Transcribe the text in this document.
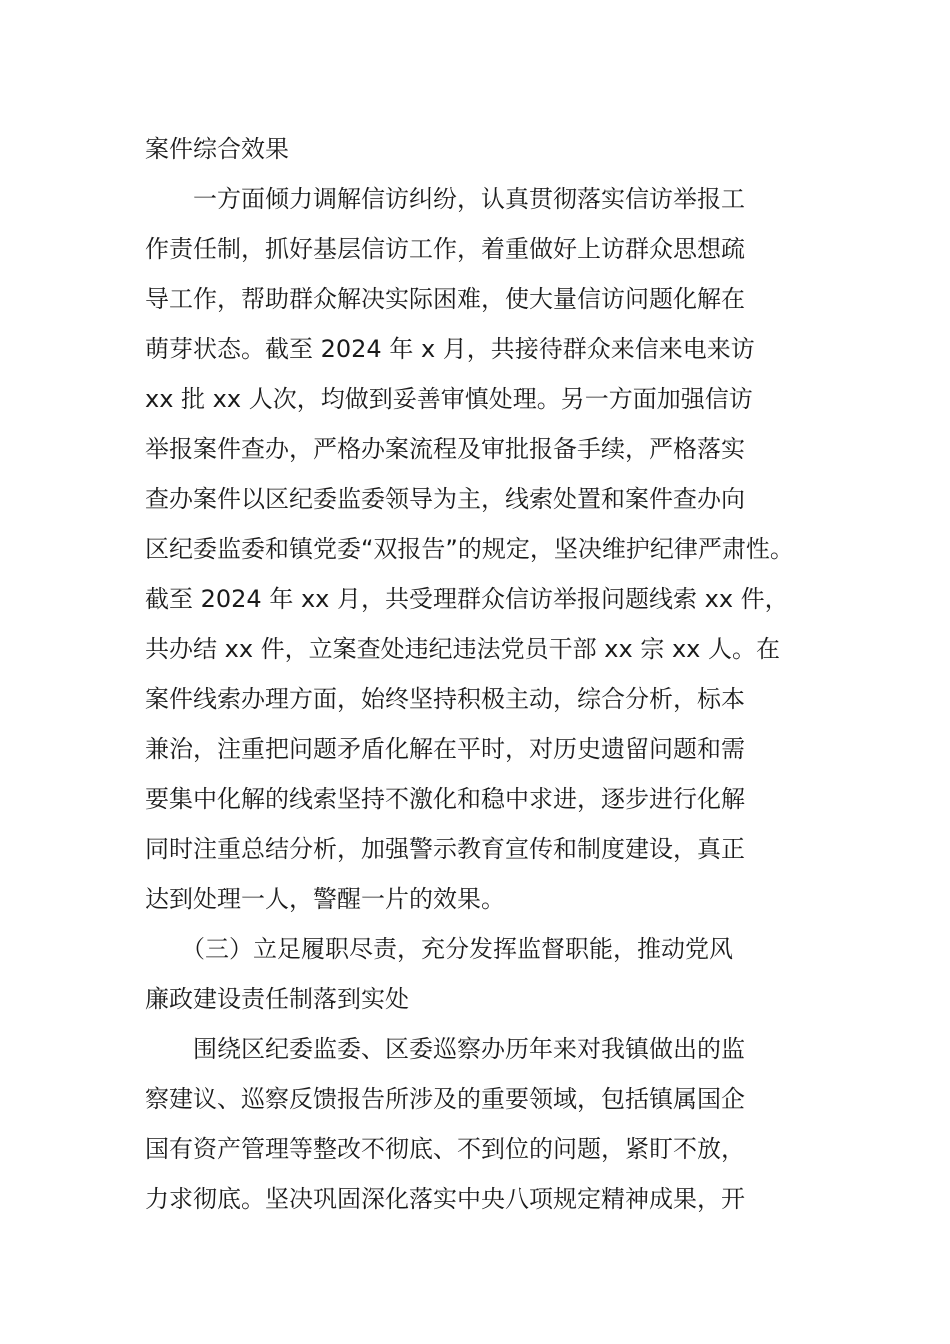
案件综合效果
　　一方面倾力调解信访纠纷，认真贯彻落实信访举报工
作责任制，抓好基层信访工作，着重做好上访群众思想疏
导工作，帮助群众解决实际困难，使大量信访问题化解在
萌芽状态。截至 2024 年 x 月，共接待群众来信来电来访
xx 批 xx 人次，均做到妥善审慎处理。另一方面加强信访
举报案件查办，严格办案流程及审批报备手续，严格落实
查办案件以区纪委监委领导为主，线索处置和案件查办向
区纪委监委和镇党委“双报告”的规定，坚决维护纪律严肃性。
截至 2024 年 xx 月，共受理群众信访举报问题线索 xx 件，
共办结 xx 件，立案查处违纪违法党员干部 xx 宗 xx 人。在
案件线索办理方面，始终坚持积极主动，综合分析，标本
兼治，注重把问题矛盾化解在平时，对历史遗留问题和需
要集中化解的线索坚持不激化和稳中求进，逐步进行化解
同时注重总结分析，加强警示教育宣传和制度建设，真正
达到处理一人，警醒一片的效果。
　　（三）立足履职尽责，充分发挥监督职能，推动党风
廉政建设责任制落到实处
　　围绕区纪委监委、区委巡察办历年来对我镇做出的监
察建议、巡察反馈报告所涉及的重要领域，包括镇属国企
国有资产管理等整改不彻底、不到位的问题，紧盯不放，
力求彻底。坚决巩固深化落实中央八项规定精神成果，开
